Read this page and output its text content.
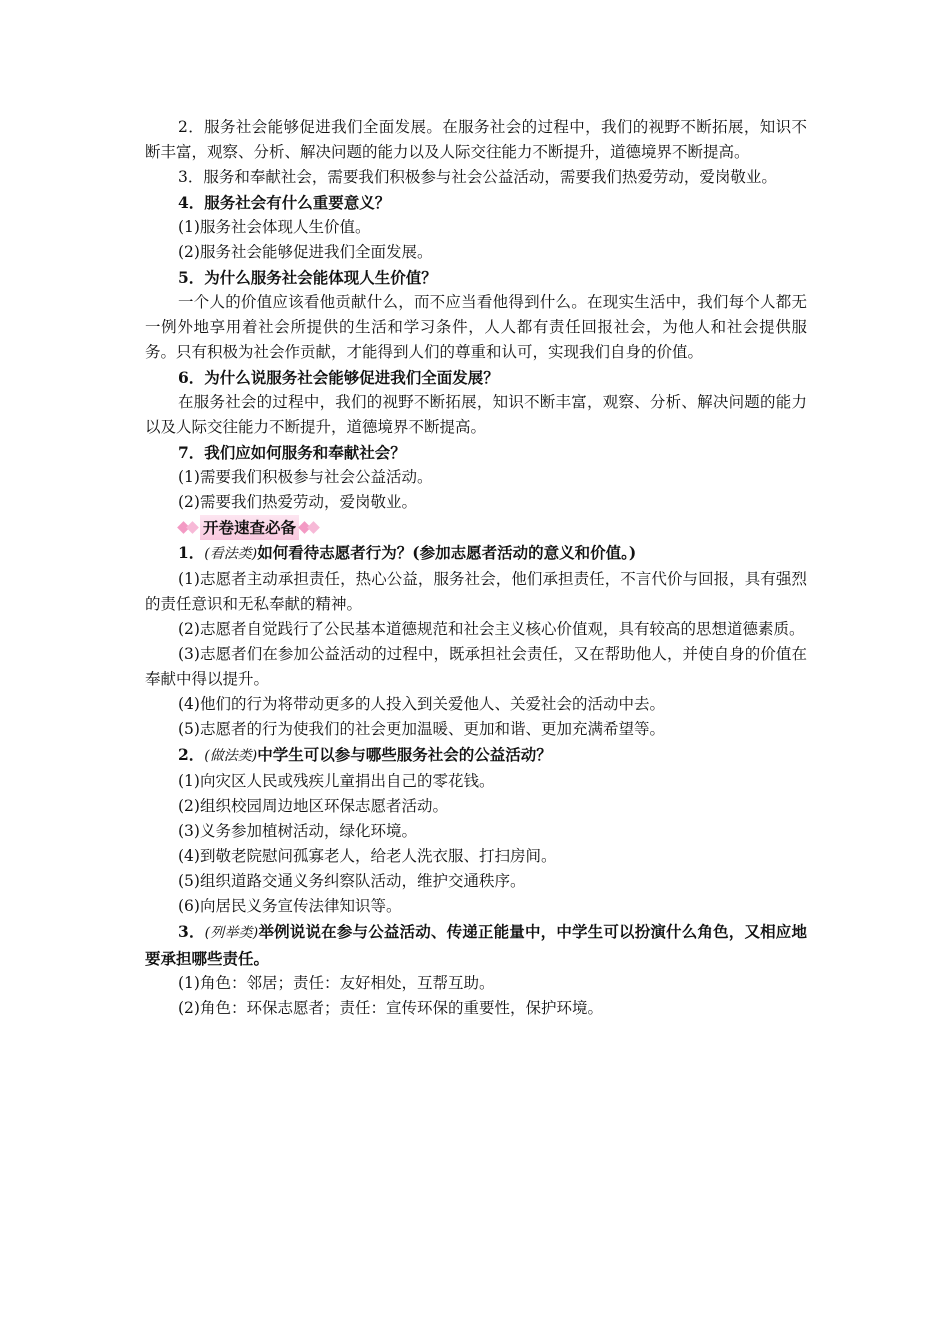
2．服务社会能够促进我们全面发展。在服务社会的过程中，我们的视野不断拓展，知识不断丰富，观察、分析、解决问题的能力以及人际交往能力不断提升，道德境界不断提高。

3．服务和奉献社会，需要我们积极参与社会公益活动，需要我们热爱劳动，爱岗敬业。

4．服务社会有什么重要意义？

(1)服务社会体现人生价值。

(2)服务社会能够促进我们全面发展。

5．为什么服务社会能体现人生价值？

一个人的价值应该看他贡献什么，而不应当看他得到什么。在现实生活中，我们每个人都无一例外地享用着社会所提供的生活和学习条件，人人都有责任回报社会，为他人和社会提供服务。只有积极为社会作贡献，才能得到人们的尊重和认可，实现我们自身的价值。

6．为什么说服务社会能够促进我们全面发展？

在服务社会的过程中，我们的视野不断拓展，知识不断丰富，观察、分析、解决问题的能力以及人际交往能力不断提升，道德境界不断提高。

7．我们应如何服务和奉献社会？

(1)需要我们积极参与社会公益活动。

(2)需要我们热爱劳动，爱岗敬业。

开卷速查必备

1．(看法类)如何看待志愿者行为？(参加志愿者活动的意义和价值。)

(1)志愿者主动承担责任，热心公益，服务社会，他们承担责任，不言代价与回报，具有强烈的责任意识和无私奉献的精神。

(2)志愿者自觉践行了公民基本道德规范和社会主义核心价值观，具有较高的思想道德素质。

(3)志愿者们在参加公益活动的过程中，既承担社会责任，又在帮助他人，并使自身的价值在奉献中得以提升。

(4)他们的行为将带动更多的人投入到关爱他人、关爱社会的活动中去。

(5)志愿者的行为使我们的社会更加温暖、更加和谐、更加充满希望等。

2．(做法类)中学生可以参与哪些服务社会的公益活动？

(1)向灾区人民或残疾儿童捐出自己的零花钱。

(2)组织校园周边地区环保志愿者活动。

(3)义务参加植树活动，绿化环境。

(4)到敬老院慰问孤寡老人，给老人洗衣服、打扫房间。

(5)组织道路交通义务纠察队活动，维护交通秩序。

(6)向居民义务宣传法律知识等。

3．(列举类)举例说说在参与公益活动、传递正能量中，中学生可以扮演什么角色，又相应地要承担哪些责任。

(1)角色：邻居；责任：友好相处，互帮互助。

(2)角色：环保志愿者；责任：宣传环保的重要性，保护环境。
